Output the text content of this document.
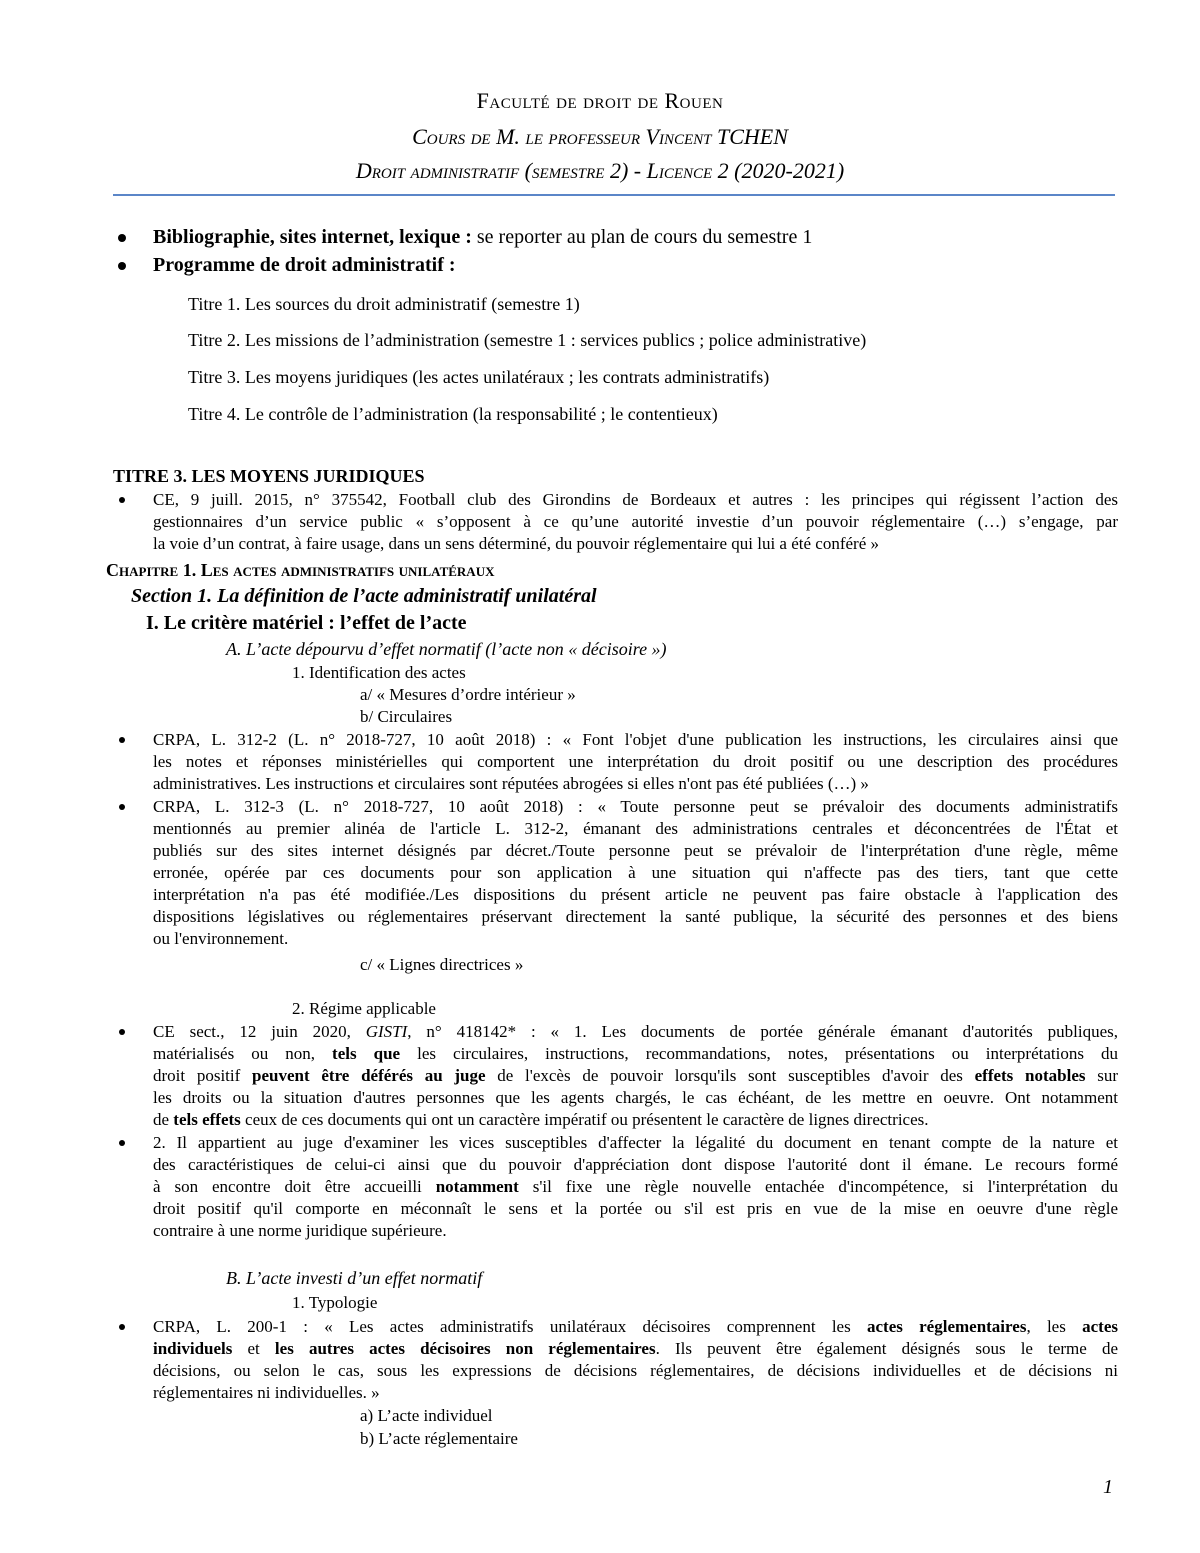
Faculté de droit de Rouen
Cours de M. le professeur Vincent TCHEN
Droit administratif (semestre 2) - Licence 2 (2020-2021)
Bibliographie, sites internet, lexique : se reporter au plan de cours du semestre 1
Programme de droit administratif :
Titre 1. Les sources du droit administratif (semestre 1)
Titre 2. Les missions de l’administration (semestre 1 : services publics ; police administrative)
Titre 3. Les moyens juridiques (les actes unilatéraux ; les contrats administratifs)
Titre 4. Le contrôle de l’administration (la responsabilité ; le contentieux)
TITRE 3. LES MOYENS JURIDIQUES
CE, 9 juill. 2015, n° 375542, Football club des Girondins de Bordeaux et autres : les principes qui régissent l’action des
gestionnaires d’un service public « s’opposent à ce qu’une autorité investie d’un pouvoir réglementaire (…) s’engage, par
la voie d’un contrat, à faire usage, dans un sens déterminé, du pouvoir réglementaire qui lui a été conféré »
Chapitre 1. Les actes administratifs unilatéraux
Section 1. La définition de l’acte administratif unilatéral
I. Le critère matériel : l’effet de l’acte
A. L’acte dépourvu d’effet normatif (l’acte non « décisoire »)
1. Identification des actes
a/ « Mesures d’ordre intérieur »
b/ Circulaires
CRPA, L. 312-2 (L. n° 2018-727, 10 août 2018) : « Font l'objet d'une publication les instructions, les circulaires ainsi que
les notes et réponses ministérielles qui comportent une interprétation du droit positif ou une description des procédures
administratives. Les instructions et circulaires sont réputées abrogées si elles n'ont pas été publiées (…) »
CRPA, L. 312-3 (L. n° 2018-727, 10 août 2018) : « Toute personne peut se prévaloir des documents administratifs
mentionnés au premier alinéa de l'article L. 312-2, émanant des administrations centrales et déconcentrées de l'État et
publiés sur des sites internet désignés par décret./Toute personne peut se prévaloir de l'interprétation d'une règle, même
erronée, opérée par ces documents pour son application à une situation qui n'affecte pas des tiers, tant que cette
interprétation n'a pas été modifiée./Les dispositions du présent article ne peuvent pas faire obstacle à l'application des
dispositions législatives ou réglementaires préservant directement la santé publique, la sécurité des personnes et des biens
ou l'environnement.
c/ « Lignes directrices »
2. Régime applicable
CE sect., 12 juin 2020, GISTI, n° 418142* : « 1. Les documents de portée générale émanant d'autorités publiques,
matérialisés ou non, tels que les circulaires, instructions, recommandations, notes, présentations ou interprétations du
droit positif peuvent être déférés au juge de l'excès de pouvoir lorsqu'ils sont susceptibles d'avoir des effets notables sur
les droits ou la situation d'autres personnes que les agents chargés, le cas échéant, de les mettre en oeuvre. Ont notamment
de tels effets ceux de ces documents qui ont un caractère impératif ou présentent le caractère de lignes directrices.
2. Il appartient au juge d'examiner les vices susceptibles d'affecter la légalité du document en tenant compte de la nature et
des caractéristiques de celui-ci ainsi que du pouvoir d'appréciation dont dispose l'autorité dont il émane. Le recours formé
à son encontre doit être accueilli notamment s'il fixe une règle nouvelle entachée d'incompétence, si l'interprétation du
droit positif qu'il comporte en méconnaît le sens et la portée ou s'il est pris en vue de la mise en oeuvre d'une règle
contraire à une norme juridique supérieure.
B. L’acte investi d’un effet normatif
1. Typologie
CRPA, L. 200-1 : « Les actes administratifs unilatéraux décisoires comprennent les actes réglementaires, les actes
individuels et les autres actes décisoires non réglementaires. Ils peuvent être également désignés sous le terme de
décisions, ou selon le cas, sous les expressions de décisions réglementaires, de décisions individuelles et de décisions ni
réglementaires ni individuelles. »
a) L’acte individuel
b) L’acte réglementaire
1
